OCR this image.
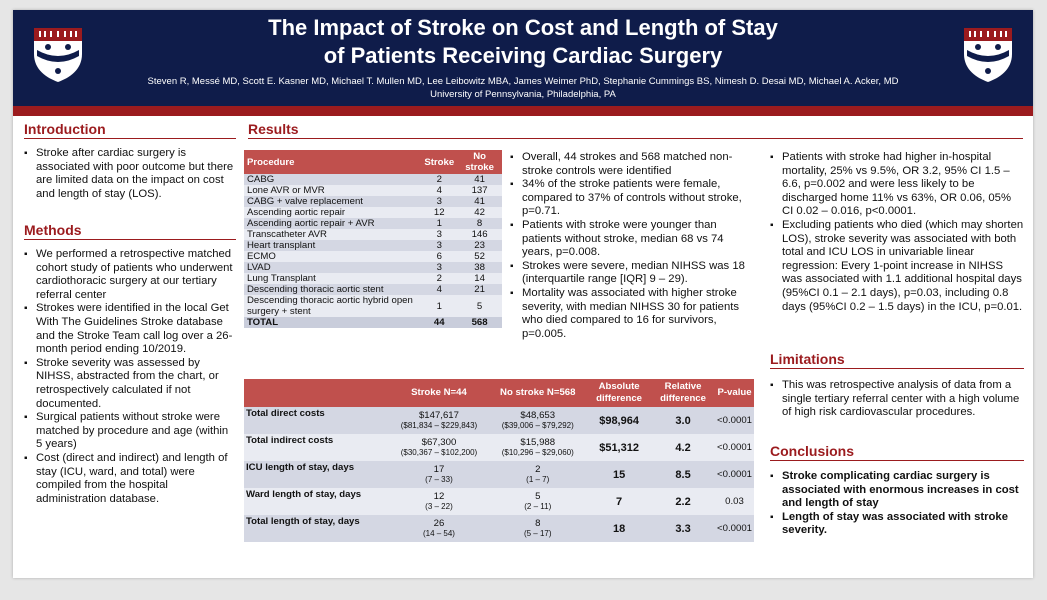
The Impact of Stroke on Cost and Length of Stay
of Patients Receiving Cardiac Surgery
Steven R, Messé MD, Scott E. Kasner MD, Michael T. Mullen MD, Lee Leibowitz MBA, James Weimer PhD, Stephanie Cummings BS, Nimesh D. Desai MD, Michael A. Acker, MD
University of Pennsylvania, Philadelphia, PA
Introduction
▪ Stroke after cardiac surgery is associated with poor outcome but there are limited data on the impact on cost and length of stay (LOS).
Methods
▪ We performed a retrospective matched cohort study of patients who underwent cardiothoracic surgery at our tertiary referral center
▪ Strokes were identified in the local Get With The Guidelines Stroke database and the Stroke Team call log over a 26-month period ending 10/2019.
▪ Stroke severity was assessed by NIHSS, abstracted from the chart, or retrospectively calculated if not documented.
▪ Surgical patients without stroke were matched by procedure and age (within 5 years)
▪ Cost (direct and indirect) and length of stay (ICU, ward, and total) were compiled from the hospital administration database.
Results
Procedure	Stroke	No stroke
CABG	2	41
Lone AVR or MVR	4	137
CABG + valve replacement	3	41
Ascending aortic repair	12	42
Ascending aortic repair + AVR	1	8
Transcatheter AVR	3	146
Heart transplant	3	23
ECMO	6	52
LVAD	3	38
Lung Transplant	2	14
Descending thoracic aortic stent	4	21
Descending thoracic aortic hybrid open surgery + stent	1	5
TOTAL	44	568
	Stroke N=44	No stroke N=568	Absolute difference	Relative difference	P-value
Total direct costs	$147,617
($81,834 – $229,843)	$48,653
($39,006 – $79,292)	$98,964	3.0	<0.0001
Total indirect costs	$67,300
($30,367 – $102,200)	$15,988
($10,296 – $29,060)	$51,312	4.2	<0.0001
ICU length of stay, days	17
(7 – 33)	2
(1 – 7)	15	8.5	<0.0001
Ward length of stay, days	12
(3 – 22)	5
(2 – 11)	7	2.2	0.03
Total length of stay, days	26
(14 – 54)	8
(5 – 17)	18	3.3	<0.0001
▪ Overall, 44 strokes and 568 matched non-stroke controls were identified
▪ 34% of the stroke patients were female, compared to 37% of controls without stroke, p=0.71.
▪ Patients with stroke were younger than patients without stroke, median 68 vs 74 years, p=0.008.
▪ Strokes were severe, median NIHSS was 18 (interquartile range [IQR] 9 – 29).
▪ Mortality was associated with higher stroke severity, with median NIHSS 30 for patients who died compared to 16 for survivors, p=0.005.
▪ Patients with stroke had higher in-hospital mortality, 25% vs 9.5%, OR 3.2, 95% CI 1.5 – 6.6, p=0.002 and were less likely to be discharged home 11% vs 63%, OR 0.06, 05% CI 0.02 – 0.016, p<0.0001.
▪ Excluding patients who died (which may shorten LOS), stroke severity was associated with both total and ICU LOS in univariable linear regression: Every 1-point increase in NIHSS was associated with 1.1 additional hospital days (95%CI 0.1 – 2.1 days), p=0.03, including 0.8 days (95%CI 0.2 – 1.5 days) in the ICU, p=0.01.
Limitations
▪ This was retrospective analysis of data from a single tertiary referral center with a high volume of high risk cardiovascular procedures.
Conclusions
▪ Stroke complicating cardiac surgery is associated with enormous increases in cost and length of stay
▪ Length of stay was associated with stroke severity.
